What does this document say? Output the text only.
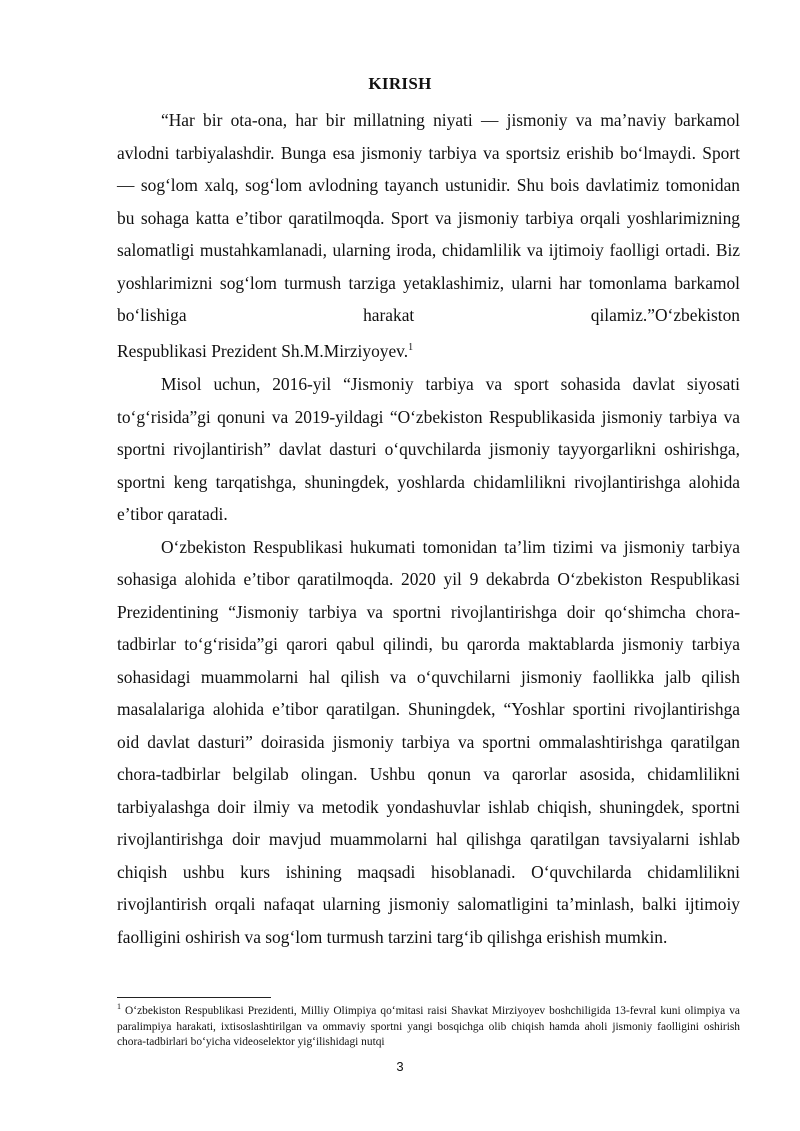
KIRISH

“Har bir ota-ona, har bir millatning niyati — jismoniy va ma’naviy barkamol avlodni tarbiyalashdir. Bunga esa jismoniy tarbiya va sportsiz erishib bo‘lmaydi. Sport — sog‘lom xalq, sog‘lom avlodning tayanch ustunidir. Shu bois davlatimiz tomonidan bu sohaga katta e’tibor qaratilmoqda. Sport va jismoniy tarbiya orqali yoshlarimizning salomatligi mustahkamlanadi, ularning iroda, chidamlilik va ijtimoiy faolligi ortadi. Biz yoshlarimizni sog‘lom turmush tarziga yetaklashimiz, ularni har tomonlama barkamol bo‘lishiga harakat qilamiz.”O‘zbekiston

Respublikasi Prezident Sh.M.Mirziyoyev.$^1$

Misol uchun, 2016-yil “Jismoniy tarbiya va sport sohasida davlat siyosati to‘g‘risida”gi qonuni va 2019-yildagi “O‘zbekiston Respublikasida jismoniy tarbiya va sportni rivojlantirish” davlat dasturi o‘quvchilarda jismoniy tayyorgarlikni oshirishga, sportni keng tarqatishga, shuningdek, yoshlarda chidamlilikni rivojlantirishga alohida e’tibor qaratadi.

O‘zbekiston Respublikasi hukumati tomonidan ta’lim tizimi va jismoniy tarbiya sohasiga alohida e’tibor qaratilmoqda. 2020 yil 9 dekabrda O‘zbekiston Respublikasi Prezidentining “Jismoniy tarbiya va sportni rivojlantirishga doir qo‘shimcha chora-tadbirlar to‘g‘risida”gi qarori qabul qilindi, bu qarorda maktablarda jismoniy tarbiya sohasidagi muammolarni hal qilish va o‘quvchilarni jismoniy faollikka jalb qilish masalalariga alohida e’tibor qaratilgan. Shuningdek, “Yoshlar sportini rivojlantirishga oid davlat dasturi” doirasida jismoniy tarbiya va sportni ommalashtirishga qaratilgan chora-tadbirlar belgilab olingan. Ushbu qonun va qarorlar asosida, chidamlilikni tarbiyalashga doir ilmiy va metodik yondashuvlar ishlab chiqish, shuningdek, sportni rivojlantirishga doir mavjud muammolarni hal qilishga qaratilgan tavsiyalarni ishlab chiqish ushbu kurs ishining maqsadi hisoblanadi. O‘quvchilarda chidamlilikni rivojlantirish orqali nafaqat ularning jismoniy salomatligini ta’minlash, balki ijtimoiy faolligini oshirish va sog‘lom turmush tarzini targ‘ib qilishga erishish mumkin.

$^1$ O‘zbekiston Respublikasi Prezidenti, Milliy Olimpiya qo‘mitasi raisi Shavkat Mirziyoyev boshchiligida 13-fevral kuni olimpiya va paralimpiya harakati, ixtisoslashtirilgan va ommaviy sportni yangi bosqichga olib chiqish hamda aholi jismoniy faolligini oshirish chora-tadbirlari bo‘yicha videoselektor yig‘ilishidagi nutqi

3
